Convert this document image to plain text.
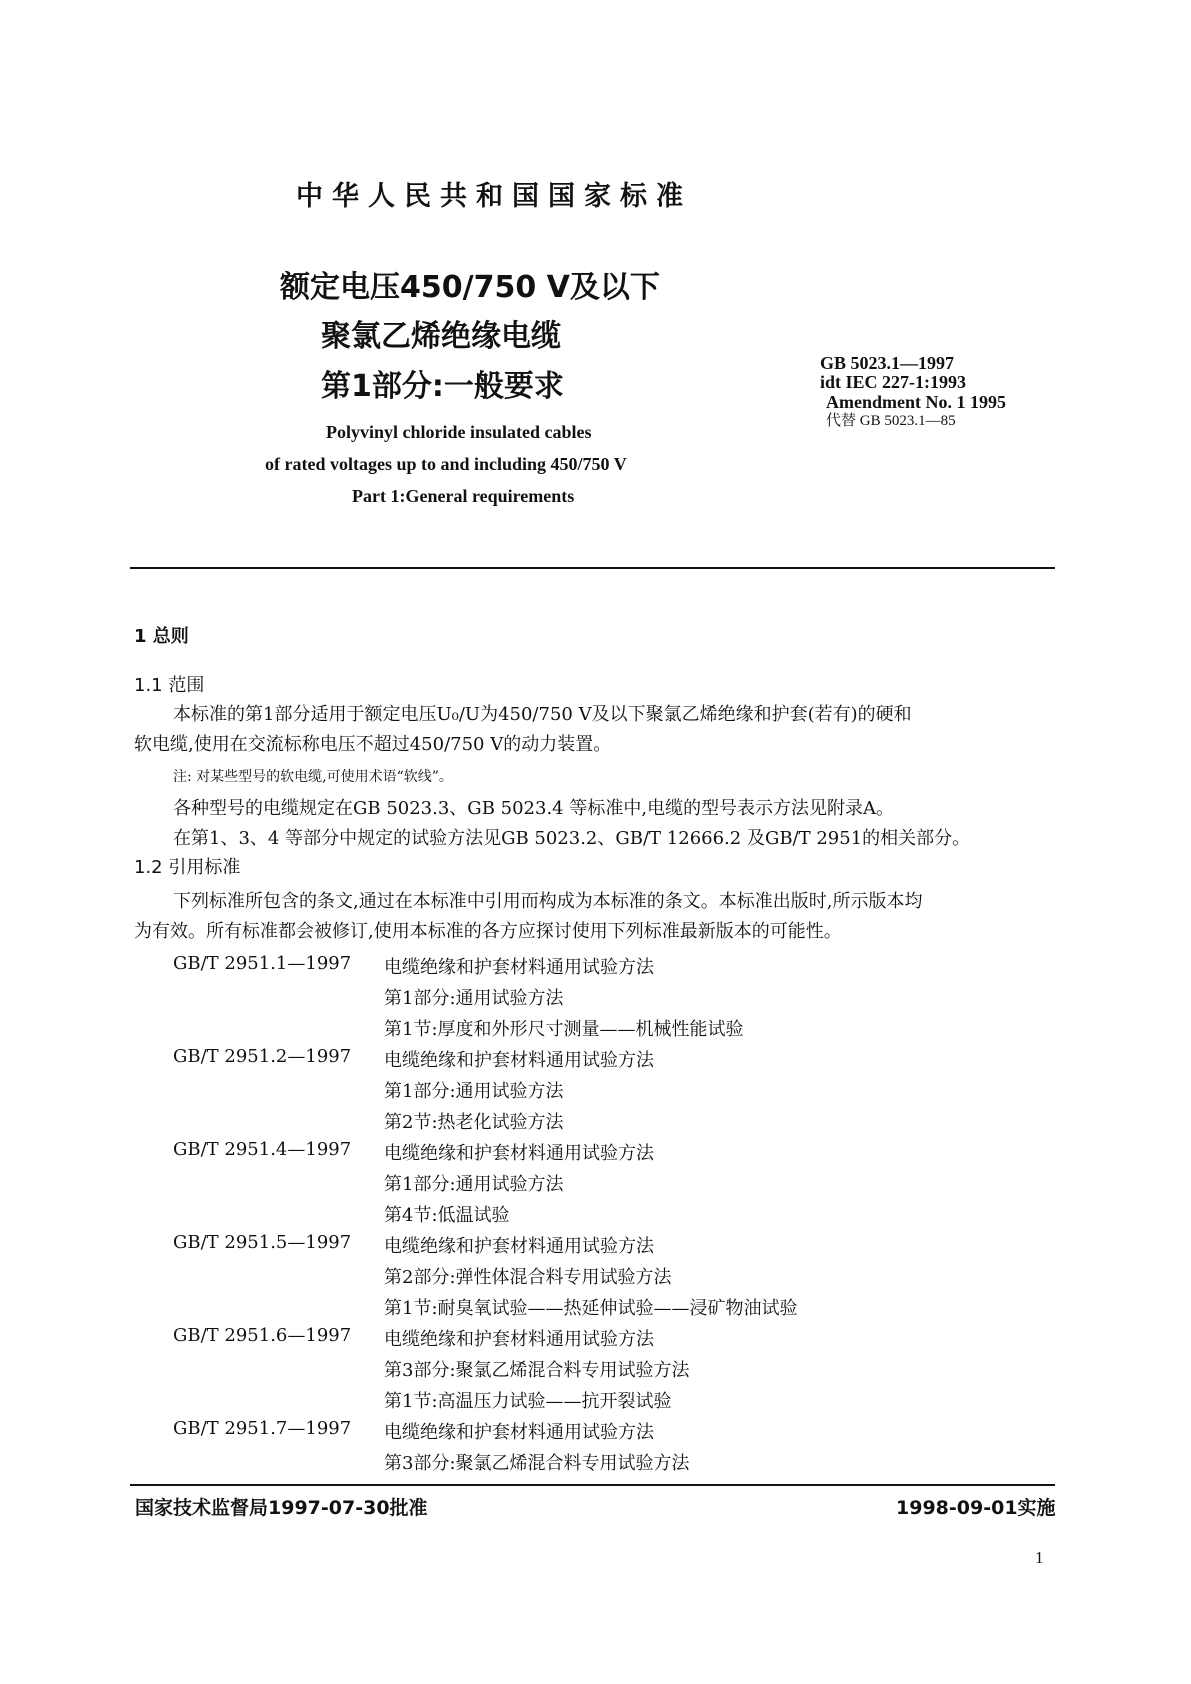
中华人民共和国国家标准
额定电压450/750 V及以下
聚氯乙烯绝缘电缆
第1部分:一般要求
GB 5023.1—1997
idt IEC 227-1:1993
Amendment No. 1 1995
代替 GB 5023.1—85
Polyvinyl chloride insulated cables
of rated voltages up to and including 450/750 V
Part 1:General requirements
1 总则
1.1 范围
本标准的第1部分适用于额定电压U₀/U为450/750 V及以下聚氯乙烯绝缘和护套(若有)的硬和
软电缆,使用在交流标称电压不超过450/750 V的动力装置。
注: 对某些型号的软电缆,可使用术语“软线”。
各种型号的电缆规定在GB 5023.3、GB 5023.4 等标准中,电缆的型号表示方法见附录A。
在第1、3、4 等部分中规定的试验方法见GB 5023.2、GB/T 12666.2 及GB/T 2951的相关部分。
1.2 引用标准
下列标准所包含的条文,通过在本标准中引用而构成为本标准的条文。本标准出版时,所示版本均
为有效。所有标准都会被修订,使用本标准的各方应探讨使用下列标准最新版本的可能性。
GB/T 2951.1—1997 电缆绝缘和护套材料通用试验方法
第1部分:通用试验方法
第1节:厚度和外形尺寸测量——机械性能试验
GB/T 2951.2—1997 电缆绝缘和护套材料通用试验方法
第1部分:通用试验方法
第2节:热老化试验方法
GB/T 2951.4—1997 电缆绝缘和护套材料通用试验方法
第1部分:通用试验方法
第4节:低温试验
GB/T 2951.5—1997 电缆绝缘和护套材料通用试验方法
第2部分:弹性体混合料专用试验方法
第1节:耐臭氧试验——热延伸试验——浸矿物油试验
GB/T 2951.6—1997 电缆绝缘和护套材料通用试验方法
第3部分:聚氯乙烯混合料专用试验方法
第1节:高温压力试验——抗开裂试验
GB/T 2951.7—1997 电缆绝缘和护套材料通用试验方法
第3部分:聚氯乙烯混合料专用试验方法
国家技术监督局1997-07-30批准	1998-09-01实施
1
